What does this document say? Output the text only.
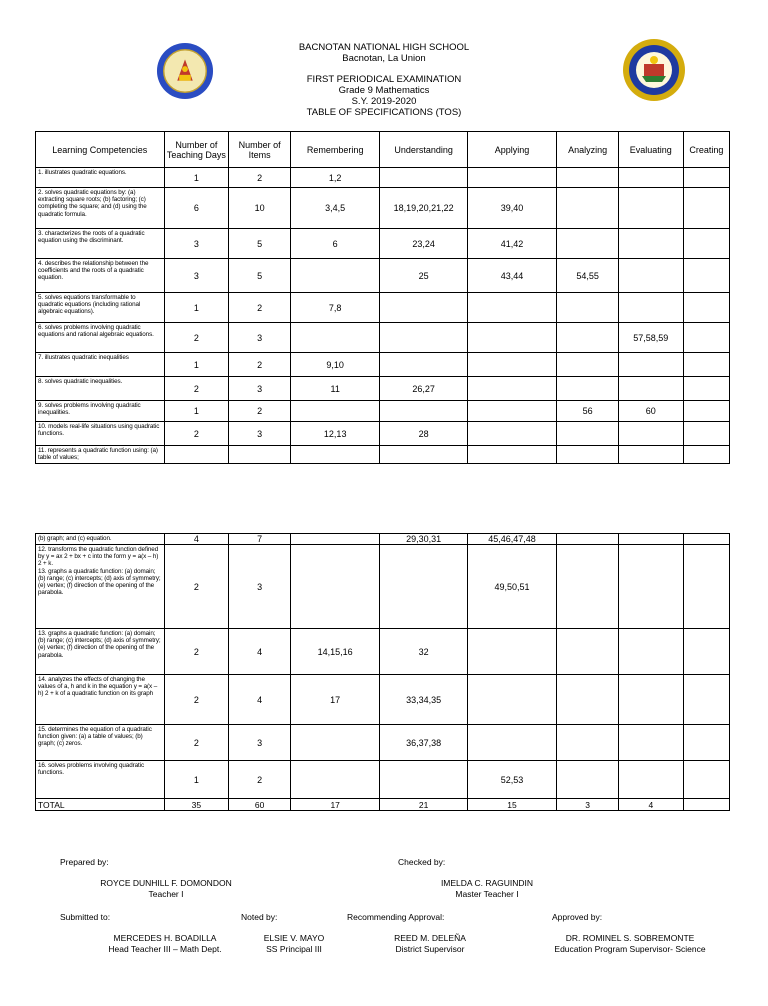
BACNOTAN NATIONAL HIGH SCHOOL
Bacnotan, La Union
FIRST PERIODICAL EXAMINATION
Grade 9 Mathematics
S.Y. 2019-2020
TABLE OF SPECIFICATIONS (TOS)
Learning Competencies	Number of Teaching Days	Number of Items	Remembering	Understanding	Applying	Analyzing	Evaluating	Creating
1. illustrates quadratic equations.	1	2	1,2					
2. solves quadratic equations by: (a) extracting square roots; (b) factoring; (c) completing the square; and (d) using the quadratic formula.	6	10	3,4,5	18,19,20,21,22	39,40			
3. characterizes the roots of a quadratic equation using the discriminant.	3	5	6	23,24	41,42			
4. describes the relationship between the coefficients and the roots of a quadratic equation.	3	5		25	43,44	54,55		
5. solves equations transformable to quadratic equations (including rational algebraic equations).	1	2	7,8					
6. solves problems involving quadratic equations and rational algebraic equations.	2	3					57,58,59	
7. illustrates quadratic inequalities	1	2	9,10					
8. solves quadratic inequalities.	2	3	11	26,27				
9. solves problems involving quadratic inequalities.	1	2				56	60	
10. models real-life situations using quadratic functions.	2	3	12,13	28				
11. represents a quadratic function using: (a) table of values;								
(b) graph; and (c) equation.	4	7		29,30,31	45,46,47,48			
12. transforms the quadratic function defined by y = ax 2 + bx + c into the form y = a(x – h) 2 + k.
13. graphs a quadratic function: (a) domain; (b) range; (c) intercepts; (d) axis of symmetry; (e) vertex; (f) direction of the opening of the parabola.	2	3			49,50,51			
13. graphs a quadratic function: (a) domain; (b) range; (c) intercepts; (d) axis of symmetry; (e) vertex; (f) direction of the opening of the parabola.	2	4	14,15,16	32				
14. analyzes the effects of changing the values of a, h and k in the equation y = a(x – h) 2 + k of a quadratic function on its graph	2	4	17	33,34,35				
15. determines the equation of a quadratic function given: (a) a table of values; (b) graph; (c) zeros.	2	3		36,37,38				
16. solves problems involving quadratic functions.	1	2			52,53			
TOTAL	35	60	17	21	15	3	4	
Prepared by:
ROYCE DUNHILL F. DOMONDON
Teacher I
Checked by:
IMELDA C. RAGUINDIN
Master Teacher I
Submitted to:	Noted by:	Recommending Approval:	Approved by:
MERCEDES H. BOADILLA
Head Teacher III – Math Dept.
ELSIE V. MAYO
SS Principal III
REED M. DELEÑA
District Supervisor
DR. ROMINEL S. SOBREMONTE
Education Program Supervisor- Science
